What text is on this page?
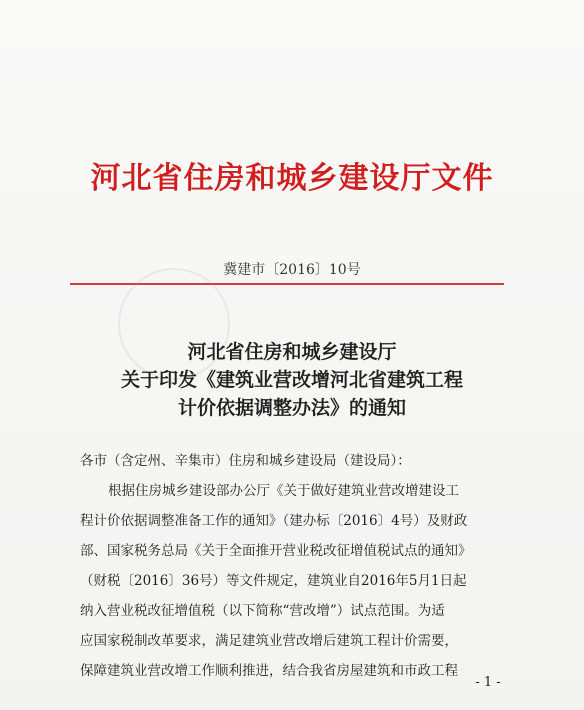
河北省住房和城乡建设厅文件
冀建市〔2016〕10号
河北省住房和城乡建设厅
关于印发《建筑业营改增河北省建筑工程
计价依据调整办法》的通知

各市（含定州、辛集市）住房和城乡建设局（建设局）：

根据住房城乡建设部办公厅《关于做好建筑业营改增建设工

程计价依据调整准备工作的通知》（建办标〔2016〕4号）及财政

部、国家税务总局《关于全面推开营业税改征增值税试点的通知》

（财税〔2016〕36号）等文件规定，建筑业自2016年5月1日起

纳入营业税改征增值税（以下简称“营改增”）试点范围。为适

应国家税制改革要求，满足建筑业营改增后建筑工程计价需要，

保障建筑业营改增工作顺利推进，结合我省房屋建筑和市政工程

- 1 -
